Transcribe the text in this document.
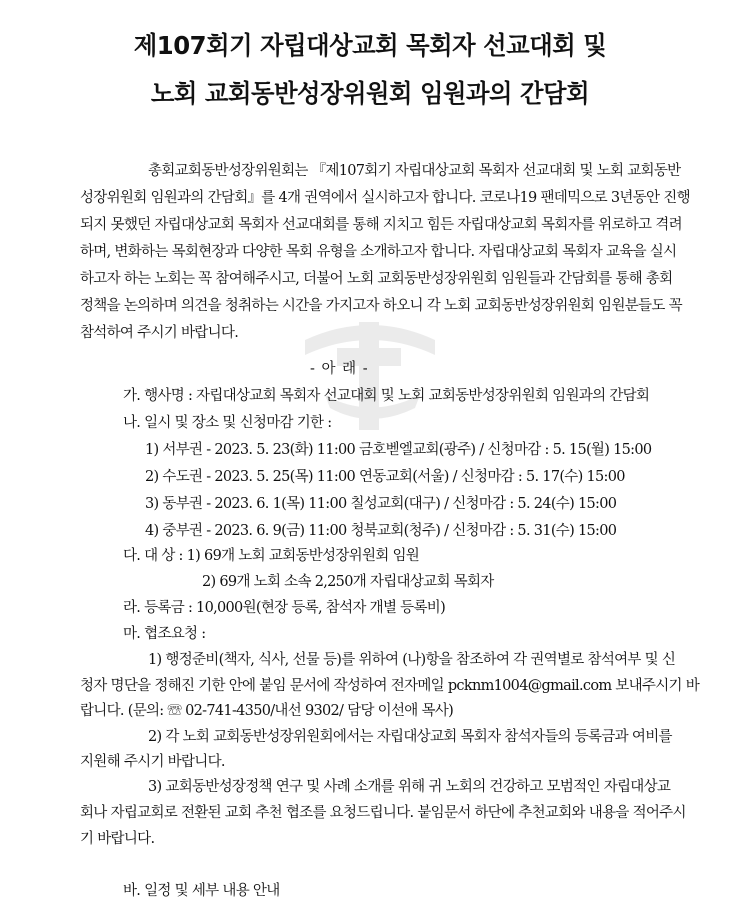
제107회기 자립대상교회 목회자 선교대회 및
노회 교회동반성장위원회 임원과의 간담회
총회교회동반성장위원회는 『제107회기 자립대상교회 목회자 선교대회 및 노회 교회동반
성장위원회 임원과의 간담회』를 4개 권역에서 실시하고자 합니다. 코로나19 팬데믹으로 3년동안 진행
되지 못했던 자립대상교회 목회자 선교대회를 통해 지치고 힘든 자립대상교회 목회자를 위로하고 격려
하며, 변화하는 목회현장과 다양한 목회 유형을 소개하고자 합니다. 자립대상교회 목회자 교육을 실시
하고자 하는 노회는 꼭 참여해주시고, 더불어 노회 교회동반성장위원회 임원들과 간담회를 통해 총회
정책을 논의하며 의견을 청취하는 시간을 가지고자 하오니 각 노회 교회동반성장위원회 임원분들도 꼭
참석하여 주시기 바랍니다.
- 아 래 -
가. 행사명 : 자립대상교회 목회자 선교대회 및 노회 교회동반성장위원회 임원과의 간담회
나. 일시 및 장소 및 신청마감 기한 :
1) 서부권 - 2023. 5. 23(화) 11:00 금호벧엘교회(광주) / 신청마감 : 5. 15(월) 15:00
2) 수도권 - 2023. 5. 25(목) 11:00 연동교회(서울) / 신청마감 : 5. 17(수) 15:00
3) 동부권 - 2023. 6. 1(목) 11:00 칠성교회(대구) / 신청마감 : 5. 24(수) 15:00
4) 중부권 - 2023. 6. 9(금) 11:00 청북교회(청주) / 신청마감 : 5. 31(수) 15:00
다. 대 상 : 1) 69개 노회 교회동반성장위원회 임원
2) 69개 노회 소속 2,250개 자립대상교회 목회자
라. 등록금 : 10,000원(현장 등록, 참석자 개별 등록비)
마. 협조요청 :
1) 행정준비(책자, 식사, 선물 등)를 위하여 (나)항을 참조하여 각 권역별로 참석여부 및 신
청자 명단을 정해진 기한 안에 붙임 문서에 작성하여 전자메일 pcknm1004@gmail.com 보내주시기 바
랍니다. (문의: ☏ 02-741-4350/내선 9302/ 담당 이선애 목사)
2) 각 노회 교회동반성장위원회에서는 자립대상교회 목회자 참석자들의 등록금과 여비를
지원해 주시기 바랍니다.
3) 교회동반성장정책 연구 및 사례 소개를 위해 귀 노회의 건강하고 모범적인 자립대상교
회나 자립교회로 전환된 교회 추천 협조를 요청드립니다. 붙임문서 하단에 추천교회와 내용을 적어주시
기 바랍니다.
바. 일정 및 세부 내용 안내
